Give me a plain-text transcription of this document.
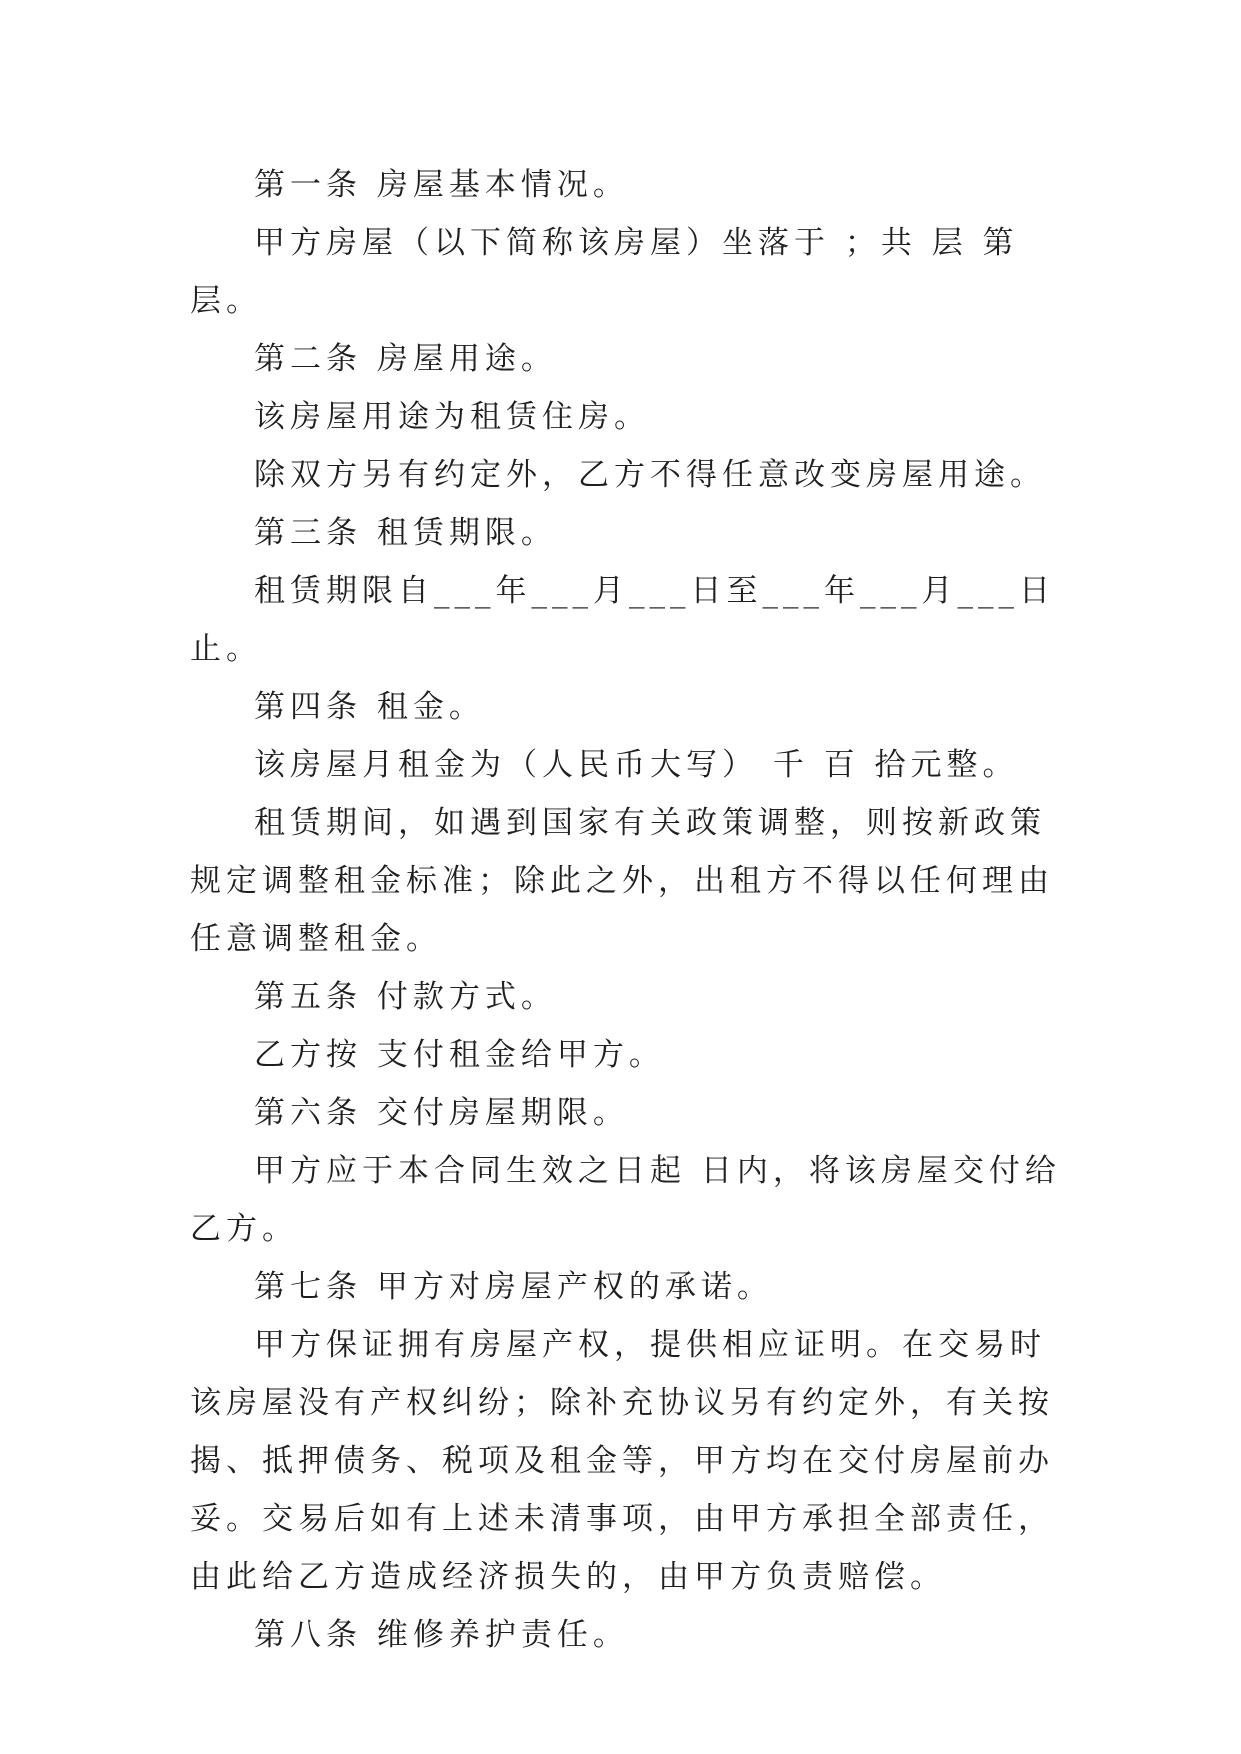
第一条 房屋基本情况。

甲方房屋（以下简称该房屋）坐落于 ；共 层 第 层。

第二条 房屋用途。

该房屋用途为租赁住房。

除双方另有约定外，乙方不得任意改变房屋用途。

第三条 租赁期限。

租赁期限自___年___月___日至___年___月___日止。

第四条 租金。

该房屋月租金为（人民币大写） 千 百 拾元整。

租赁期间，如遇到国家有关政策调整，则按新政策规定调整租金标准；除此之外，出租方不得以任何理由任意调整租金。

第五条 付款方式。

乙方按 支付租金给甲方。

第六条 交付房屋期限。

甲方应于本合同生效之日起 日内，将该房屋交付给乙方。

第七条 甲方对房屋产权的承诺。

甲方保证拥有房屋产权，提供相应证明。在交易时该房屋没有产权纠纷；除补充协议另有约定外，有关按揭、抵押债务、税项及租金等，甲方均在交付房屋前办妥。交易后如有上述未清事项，由甲方承担全部责任，由此给乙方造成经济损失的，由甲方负责赔偿。

第八条 维修养护责任。
